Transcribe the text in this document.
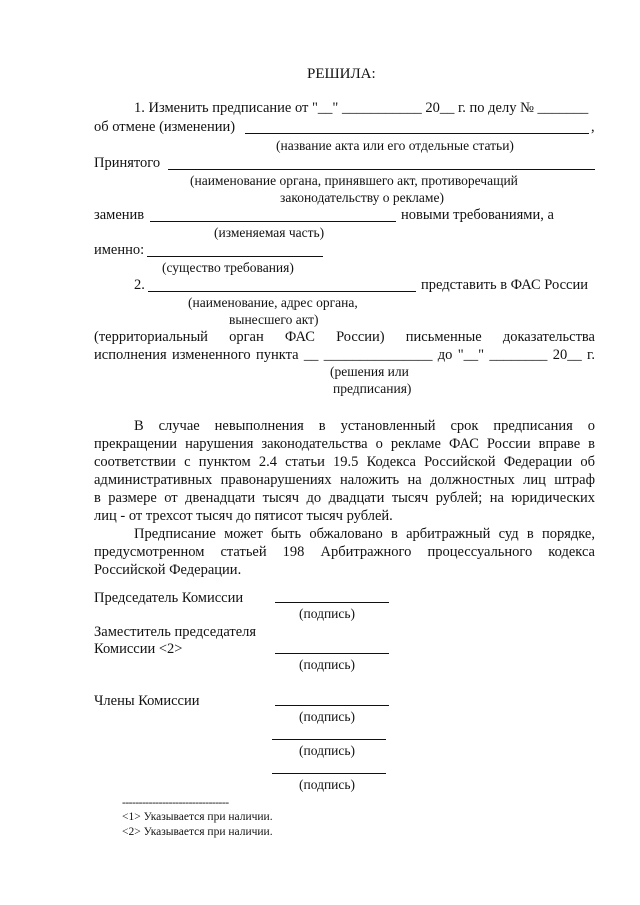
РЕШИЛА:
1. Изменить предписание от "__" ___________ 20__ г. по делу № _______
об отмене (изменении)	,
(название акта или его отдельные статьи)
Принятого
(наименование органа, принявшего акт, противоречащий
законодательству о рекламе)
заменив	новыми требованиями, а
(изменяемая часть)
именно:
(существо требования)
2.	представить в ФАС России
(наименование, адрес органа,
вынесшего акт)
(территориальный орган ФАС России) письменные доказательства
исполнения измененного пункта __ _______________ до "__" ________ 20__ г.
(решения или
предписания)
В случае невыполнения в установленный срок предписания о
прекращении нарушения законодательства о рекламе ФАС России вправе в
соответствии с пунктом 2.4 статьи 19.5 Кодекса Российской Федерации об
административных правонарушениях наложить на должностных лиц штраф
в размере от двенадцати тысяч до двадцати тысяч рублей; на юридических
лиц - от трехсот тысяч до пятисот тысяч рублей.
Предписание может быть обжаловано в арбитражный суд в порядке,
предусмотренном статьей 198 Арбитражного процессуального кодекса
Российской Федерации.
Председатель Комиссии
(подпись)
Заместитель председателя
Комиссии <2>
(подпись)
Члены Комиссии
(подпись)
(подпись)
(подпись)
--------------------------------
<1> Указывается при наличии.
<2> Указывается при наличии.
